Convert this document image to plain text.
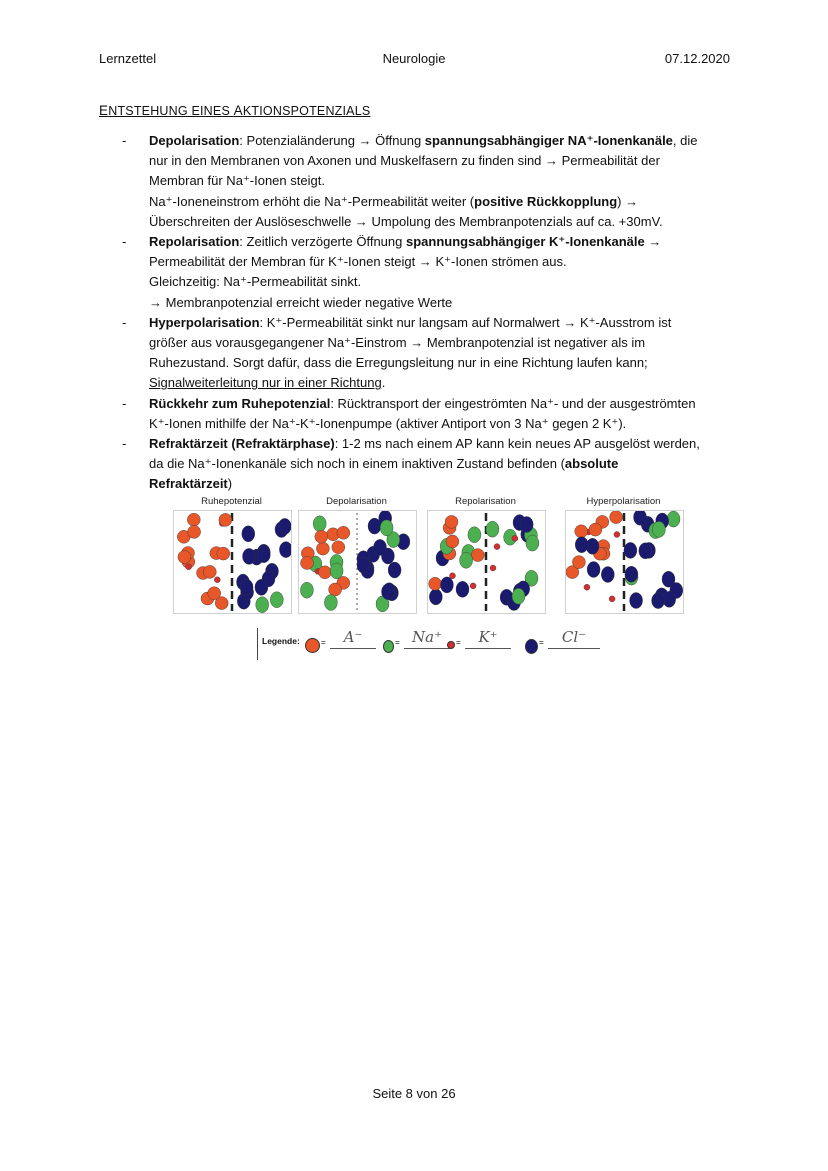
Lernzettel	Neurologie	07.12.2020
ENTSTEHUNG EINES AKTIONSPOTENZIALS
- Depolarisation: Potenzialänderung → Öffnung spannungsabhängiger NA⁺-Ionenkanäle, die

nur in den Membranen von Axonen und Muskelfasern zu finden sind → Permeabilität der

Membran für Na⁺-Ionen steigt.

Na⁺-Ioneneinstrom erhöht die Na⁺-Permeabilität weiter (positive Rückkopplung) →

Überschreiten der Auslöseschwelle → Umpolung des Membranpotenzials auf ca. +30mV.

- Repolarisation: Zeitlich verzögerte Öffnung spannungsabhängiger K⁺-Ionenkanäle →

Permeabilität der Membran für K⁺-Ionen steigt → K⁺-Ionen strömen aus.

Gleichzeitig: Na⁺-Permeabilität sinkt.

→ Membranpotenzial erreicht wieder negative Werte

- Hyperpolarisation: K⁺-Permeabilität sinkt nur langsam auf Normalwert → K⁺-Ausstrom ist

größer aus vorausgegangener Na⁺-Einstrom → Membranpotenzial ist negativer als im

Ruhezustand. Sorgt dafür, dass die Erregungsleitung nur in eine Richtung laufen kann;

Signalweiterleitung nur in einer Richtung.

- Rückkehr zum Ruhepotenzial: Rücktransport der eingeströmten Na⁺- und der ausgeströmten

K⁺-Ionen mithilfe der Na⁺-K⁺-Ionenpumpe (aktiver Antiport von 3 Na⁺ gegen 2 K⁺).

- Refraktärzeit (Refraktärphase): 1-2 ms nach einem AP kann kein neues AP ausgelöst werden,

da die Na⁺-Ionenkanäle sich noch in einem inaktiven Zustand befinden (absolute

Refraktärzeit)

Ruhepotenzial	Depolarisation	Repolarisation	Hyperpolarisation
Legende:	=	A⁻	= Na⁺	=	K⁺	=	Cl⁻
Seite 8 von 26
